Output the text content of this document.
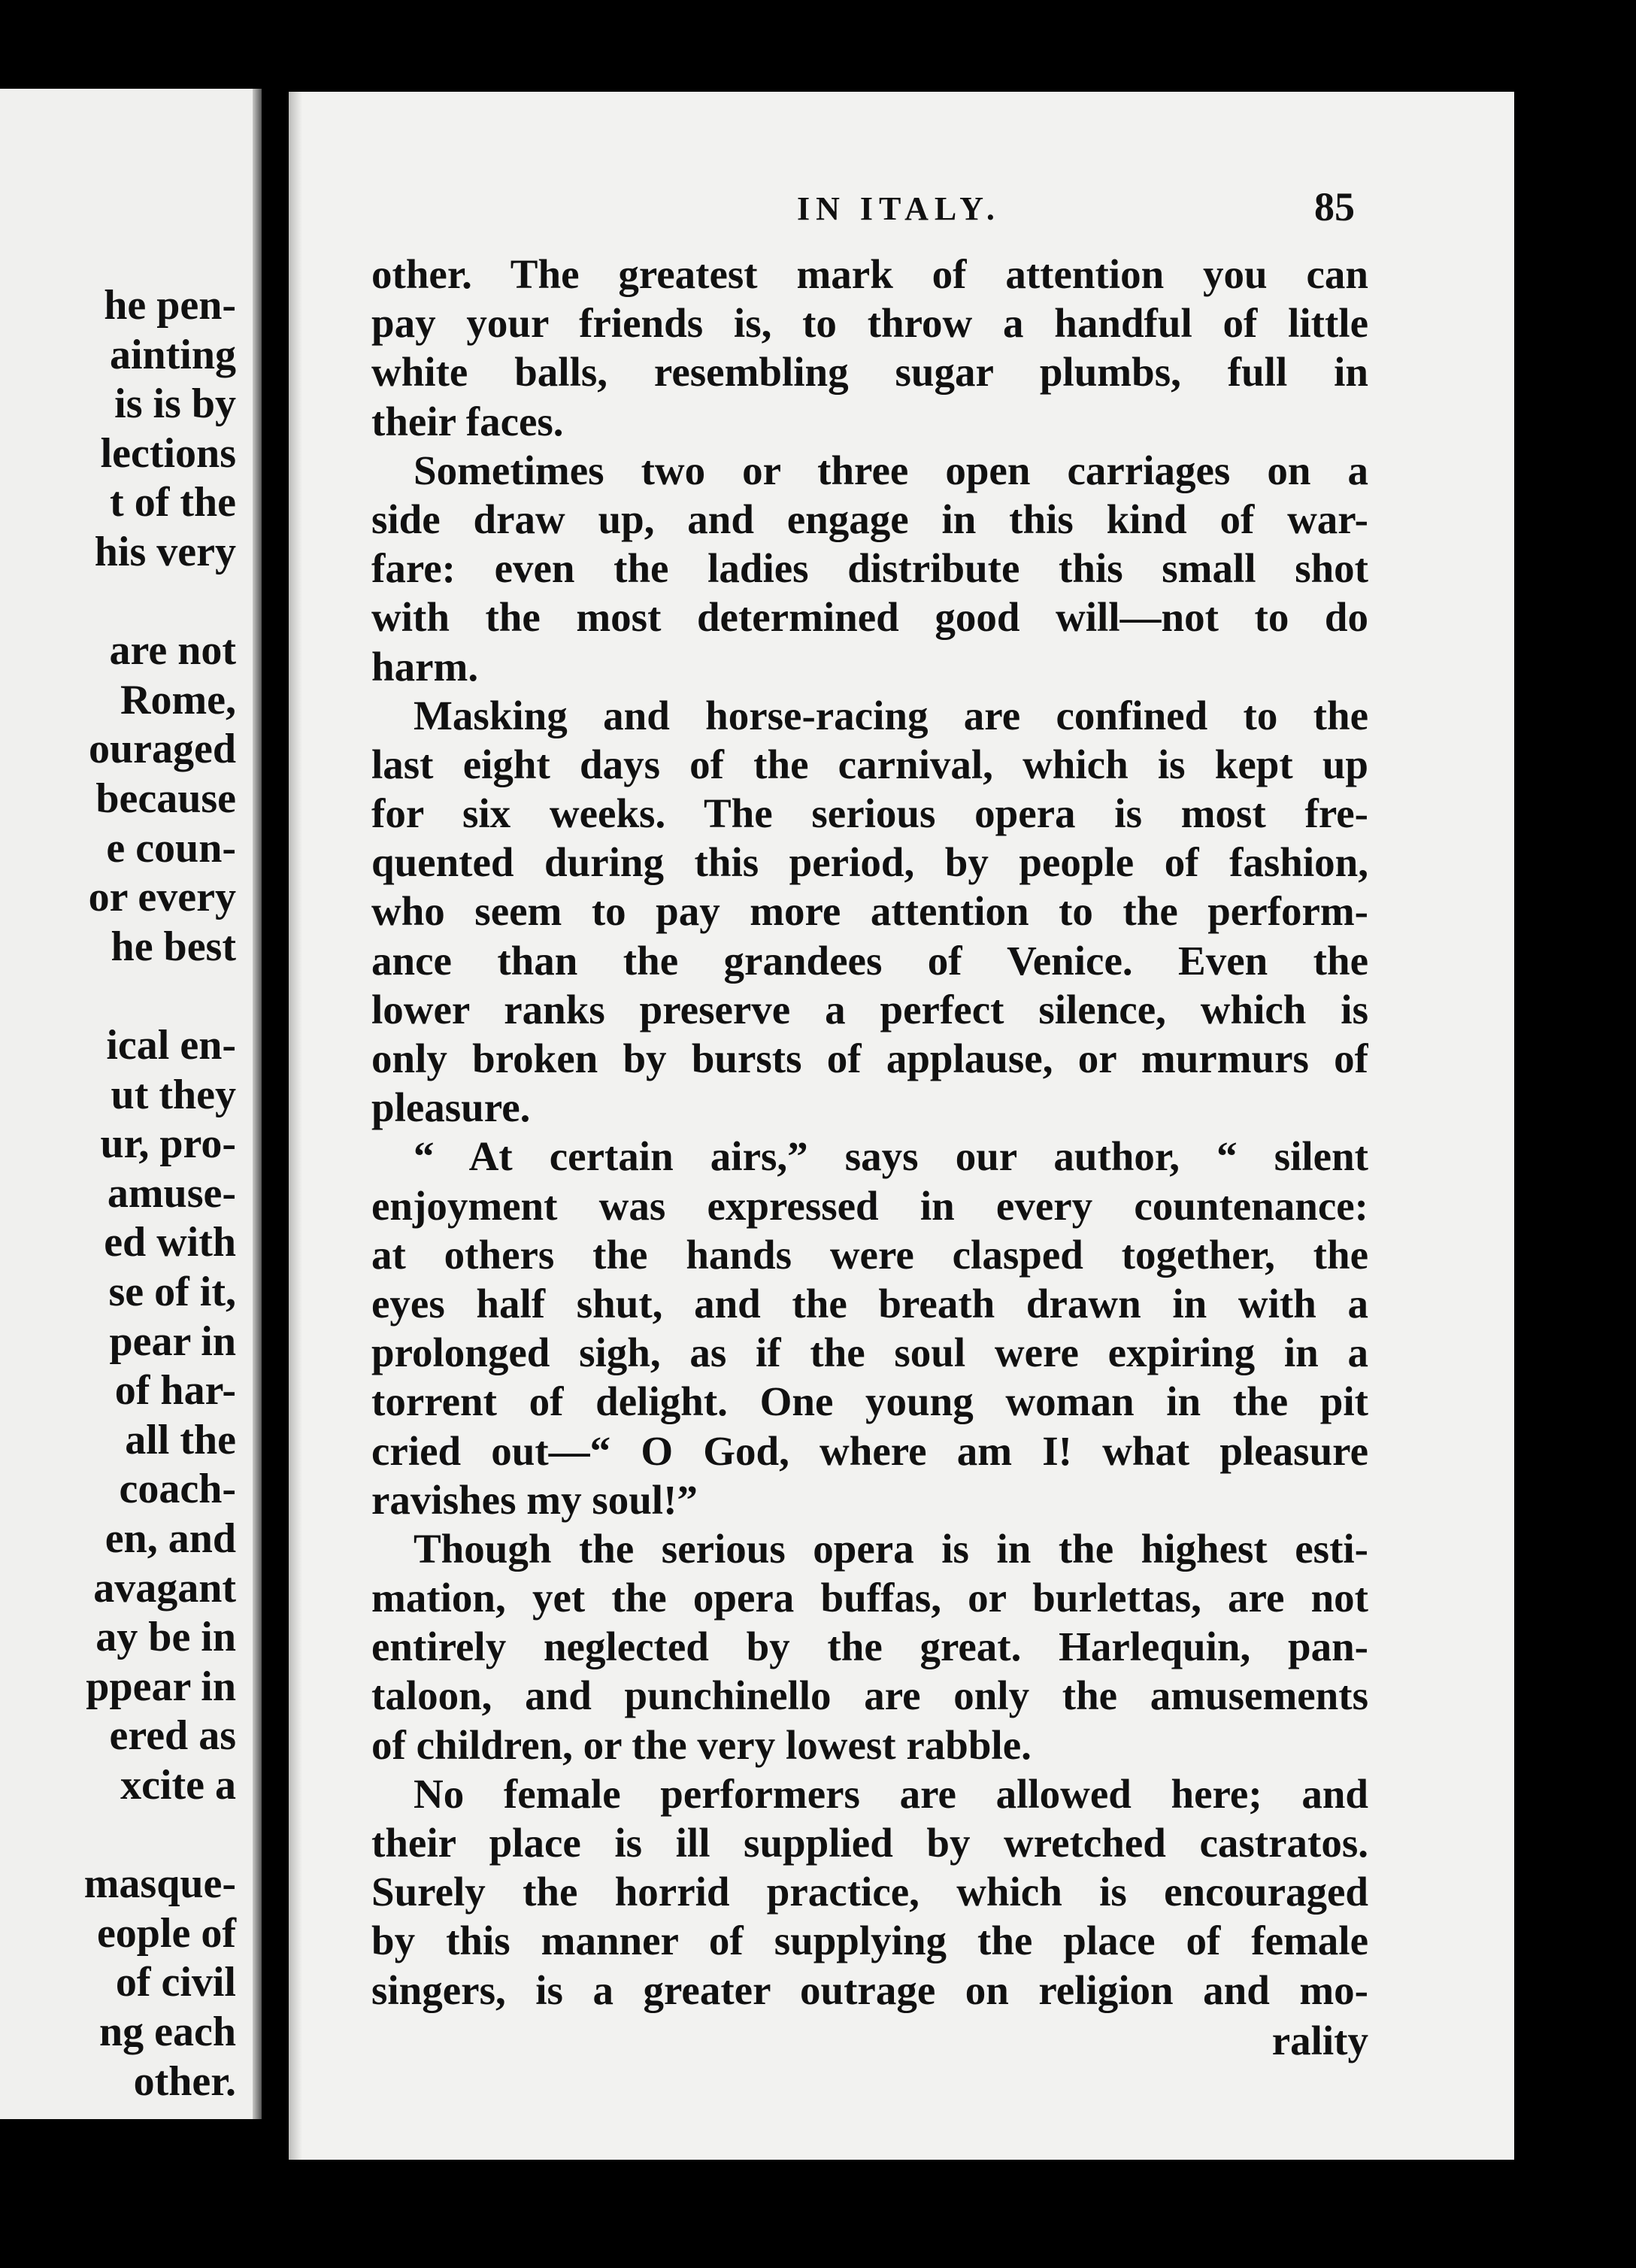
he pen-
ainting
is is by
lections
t of the
his very
are not
Rome,
ouraged
because
e coun-
or every
he best
ical en-
ut they
ur, pro-
amuse-
ed with
se of it,
pear in
of har-
all the
coach-
en, and
avagant
ay be in
ppear in
ered as
xcite a
masque-
eople of
of civil
ng each
other.
IN ITALY.	85
other. The greatest mark of attention you can
pay your friends is, to throw a handful of little
white balls, resembling sugar plumbs, full in
their faces.
Sometimes two or three open carriages on a
side draw up, and engage in this kind of war-
fare: even the ladies distribute this small shot
with the most determined good will—not to do
harm.
Masking and horse-racing are confined to the
last eight days of the carnival, which is kept up
for six weeks. The serious opera is most fre-
quented during this period, by people of fashion,
who seem to pay more attention to the perform-
ance than the grandees of Venice. Even the
lower ranks preserve a perfect silence, which is
only broken by bursts of applause, or murmurs of
pleasure.
“ At certain airs,” says our author, “ silent
enjoyment was expressed in every countenance:
at others the hands were clasped together, the
eyes half shut, and the breath drawn in with a
prolonged sigh, as if the soul were expiring in a
torrent of delight. One young woman in the pit
cried out—“ O God, where am I! what pleasure
ravishes my soul!”
Though the serious opera is in the highest esti-
mation, yet the opera buffas, or burlettas, are not
entirely neglected by the great. Harlequin, pan-
taloon, and punchinello are only the amusements
of children, or the very lowest rabble.
No female performers are allowed here; and
their place is ill supplied by wretched castratos.
Surely the horrid practice, which is encouraged
by this manner of supplying the place of female
singers, is a greater outrage on religion and mo-
rality
